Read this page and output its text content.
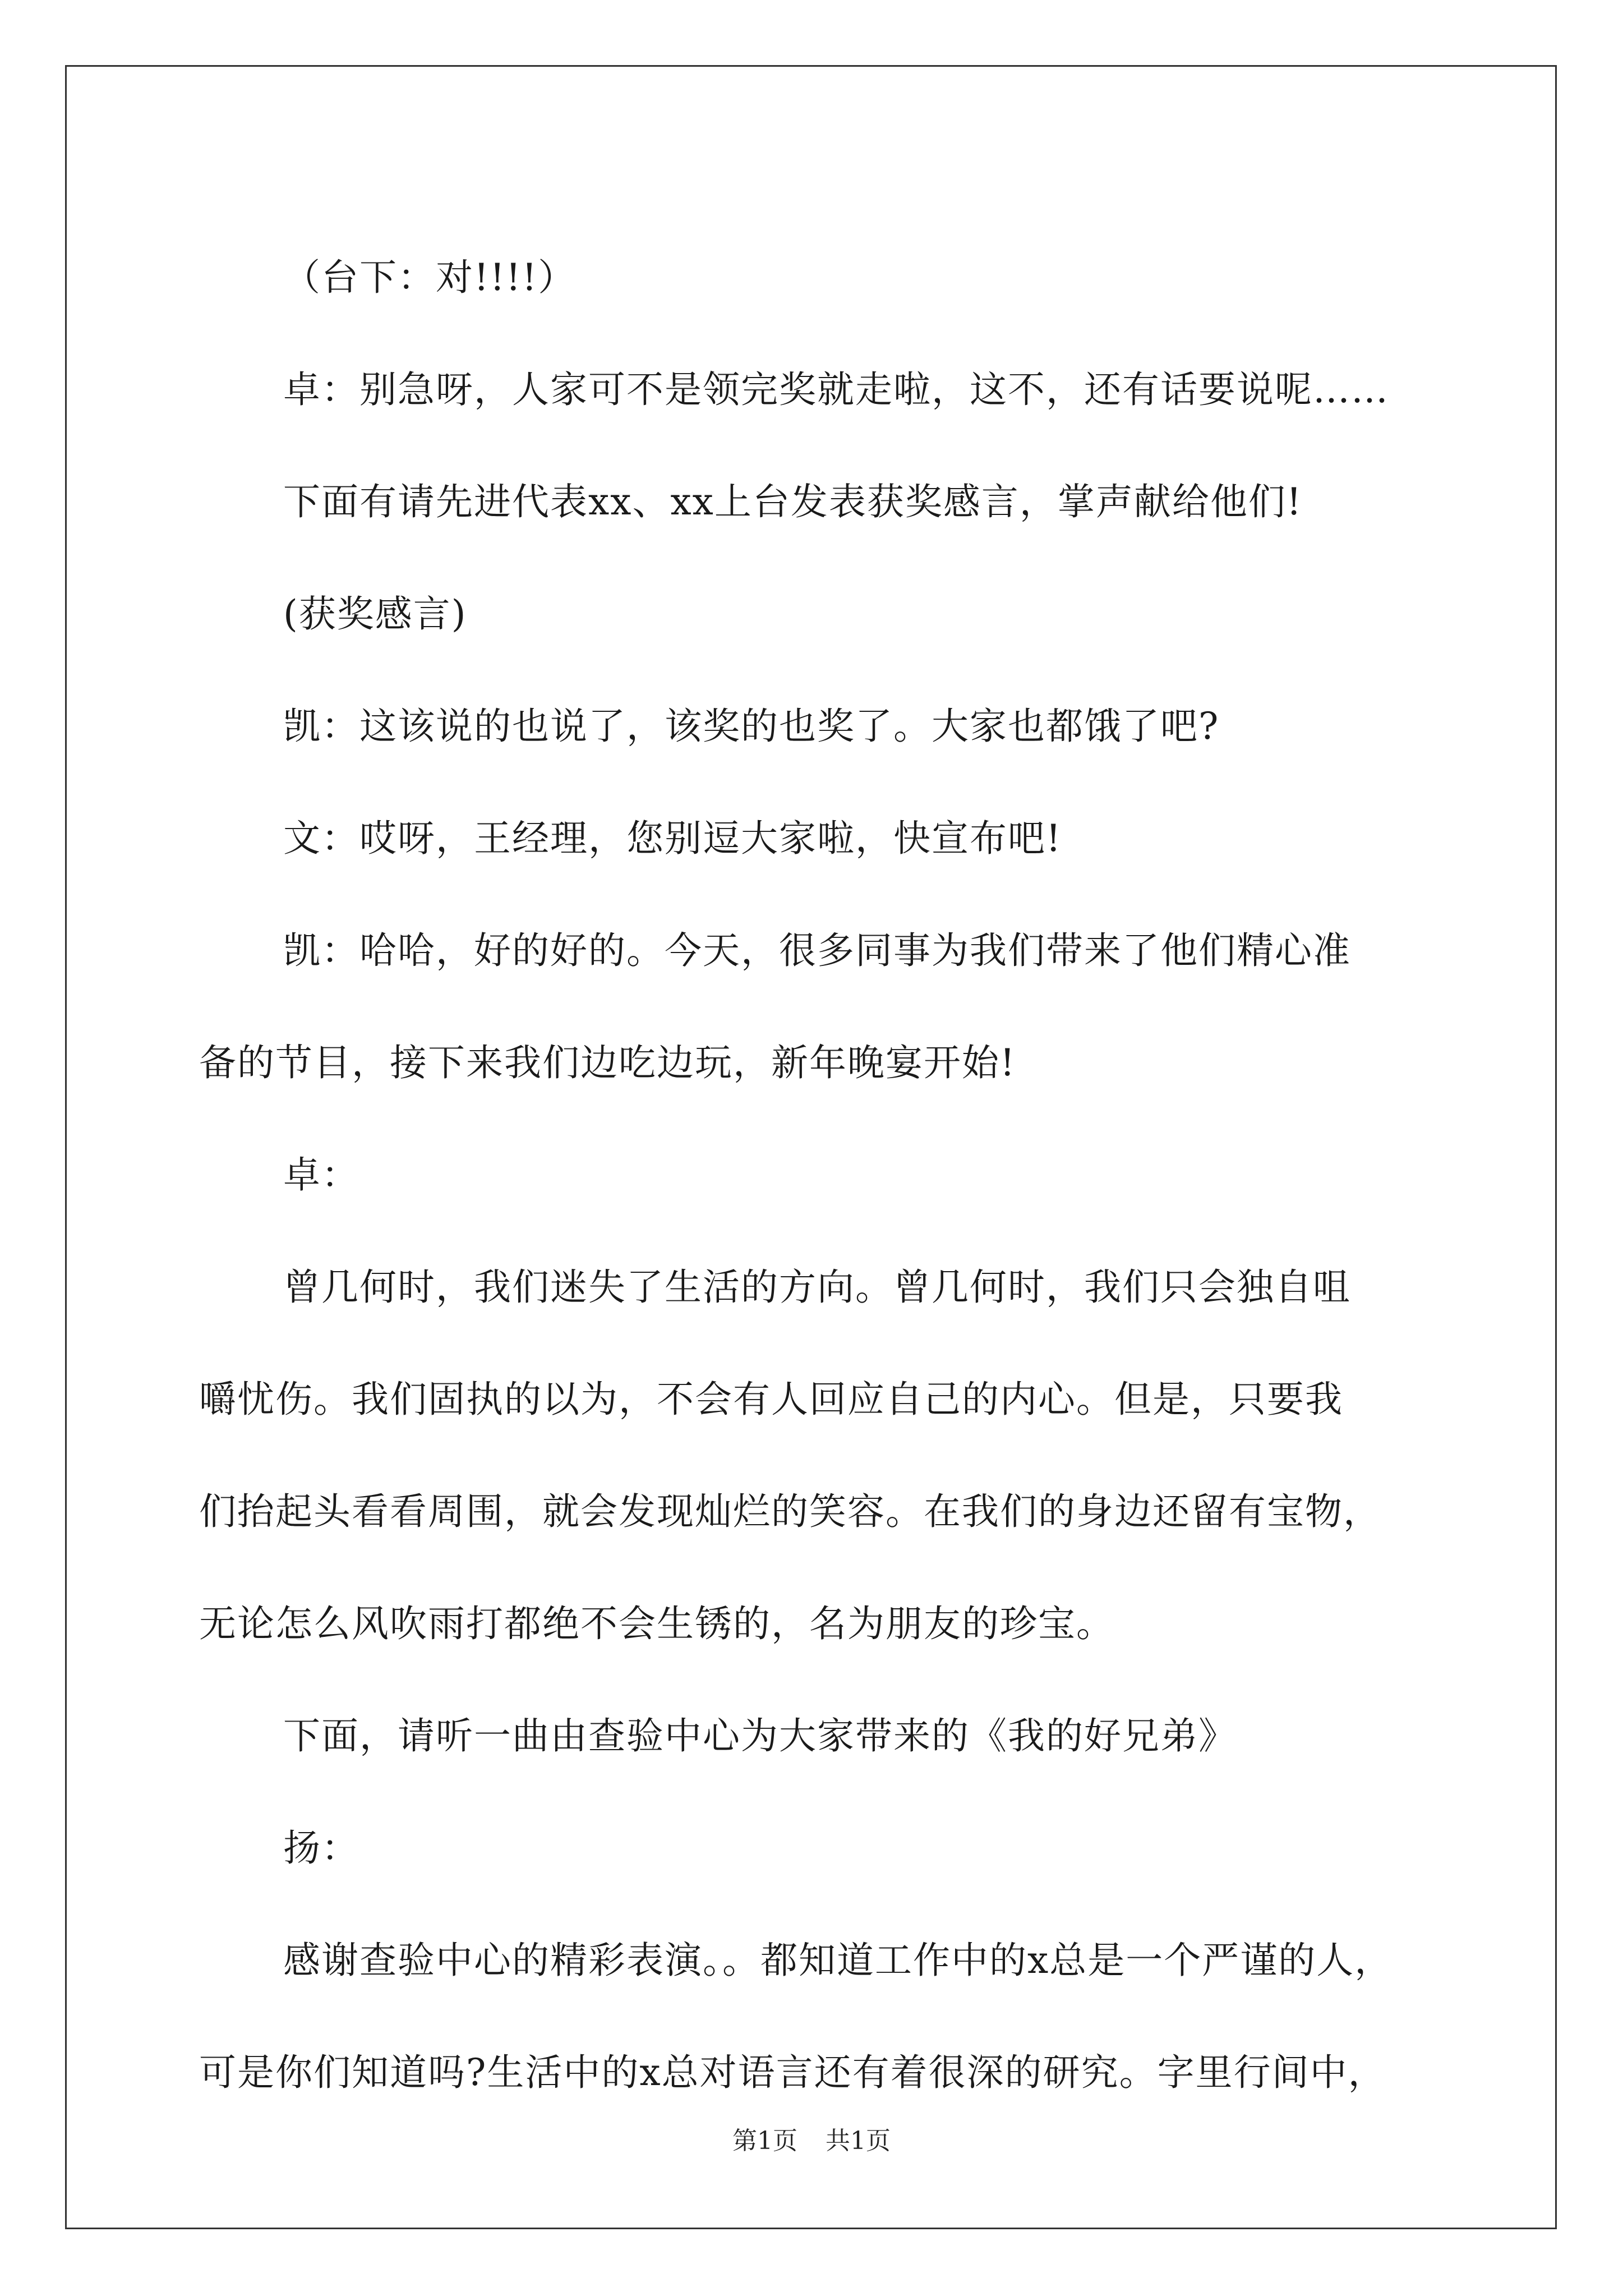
（台下：对!!!!）

卓：别急呀，人家可不是领完奖就走啦，这不，还有话要说呢……

下面有请先进代表xx、xx上台发表获奖感言，掌声献给他们!

(获奖感言)

凯：这该说的也说了，该奖的也奖了。大家也都饿了吧?

文：哎呀，王经理，您别逗大家啦，快宣布吧!

凯：哈哈，好的好的。今天，很多同事为我们带来了他们精心准

备的节目，接下来我们边吃边玩，新年晚宴开始!

卓：

曾几何时，我们迷失了生活的方向。曾几何时，我们只会独自咀

嚼忧伤。我们固执的以为，不会有人回应自己的内心。但是，只要我

们抬起头看看周围，就会发现灿烂的笑容。在我们的身边还留有宝物，

无论怎么风吹雨打都绝不会生锈的，名为朋友的珍宝。

下面，请听一曲由查验中心为大家带来的《我的好兄弟》

扬：

感谢查验中心的精彩表演。。都知道工作中的x总是一个严谨的人，

可是你们知道吗?生活中的x总对语言还有着很深的研究。字里行间中，

第1页 共1页
